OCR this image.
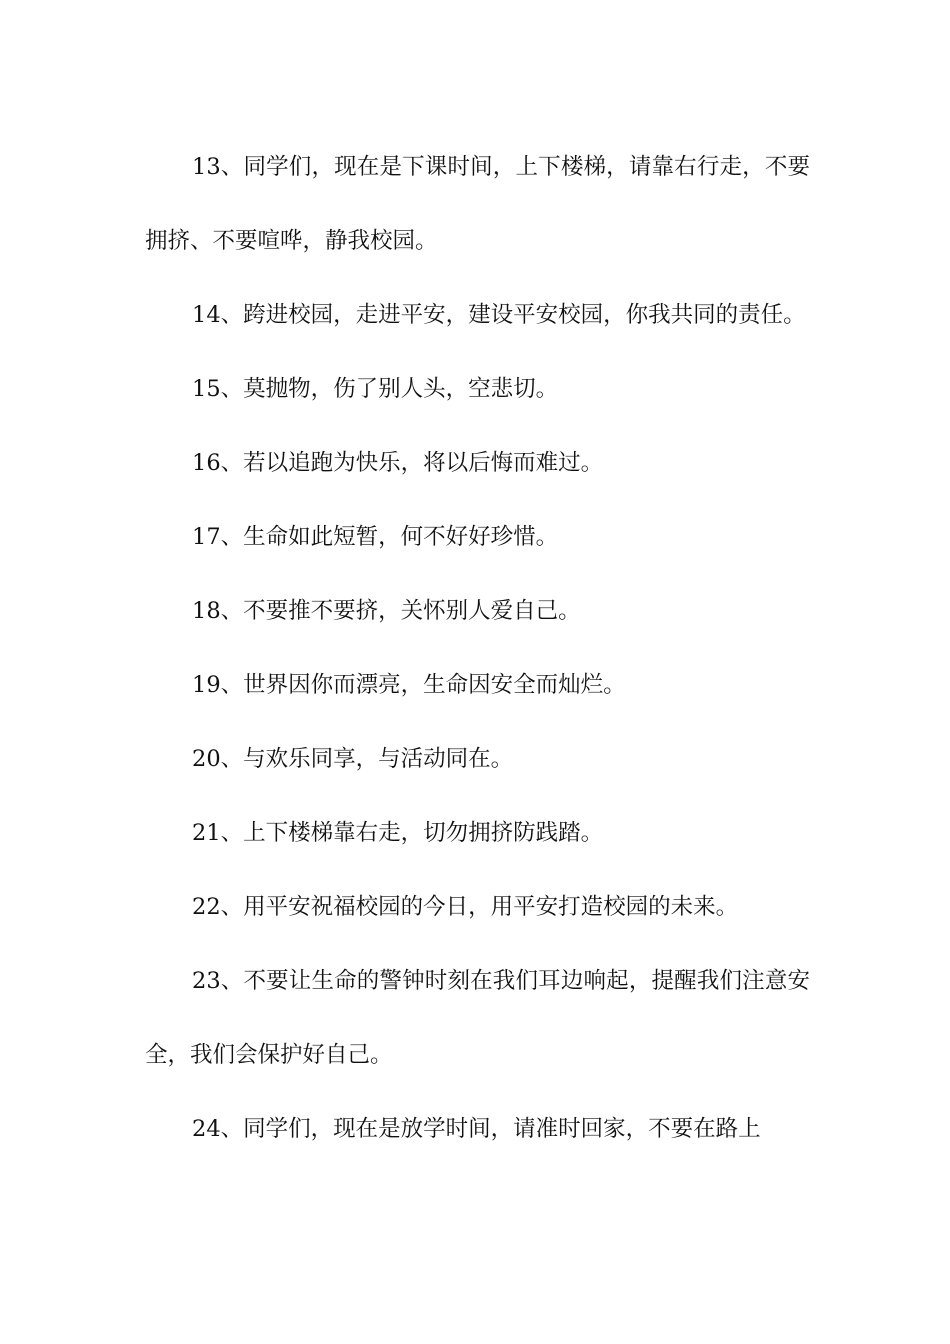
13、同学们，现在是下课时间，上下楼梯，请靠右行走，不要拥挤、不要喧哗，静我校园。

14、跨进校园，走进平安，建设平安校园，你我共同的责任。

15、莫抛物，伤了别人头，空悲切。

16、若以追跑为快乐，将以后悔而难过。

17、生命如此短暂，何不好好珍惜。

18、不要推不要挤，关怀别人爱自己。

19、世界因你而漂亮，生命因安全而灿烂。

20、与欢乐同享，与活动同在。

21、上下楼梯靠右走，切勿拥挤防践踏。

22、用平安祝福校园的今日，用平安打造校园的未来。

23、不要让生命的警钟时刻在我们耳边响起，提醒我们注意安全，我们会保护好自己。

24、同学们，现在是放学时间，请准时回家，不要在路上
